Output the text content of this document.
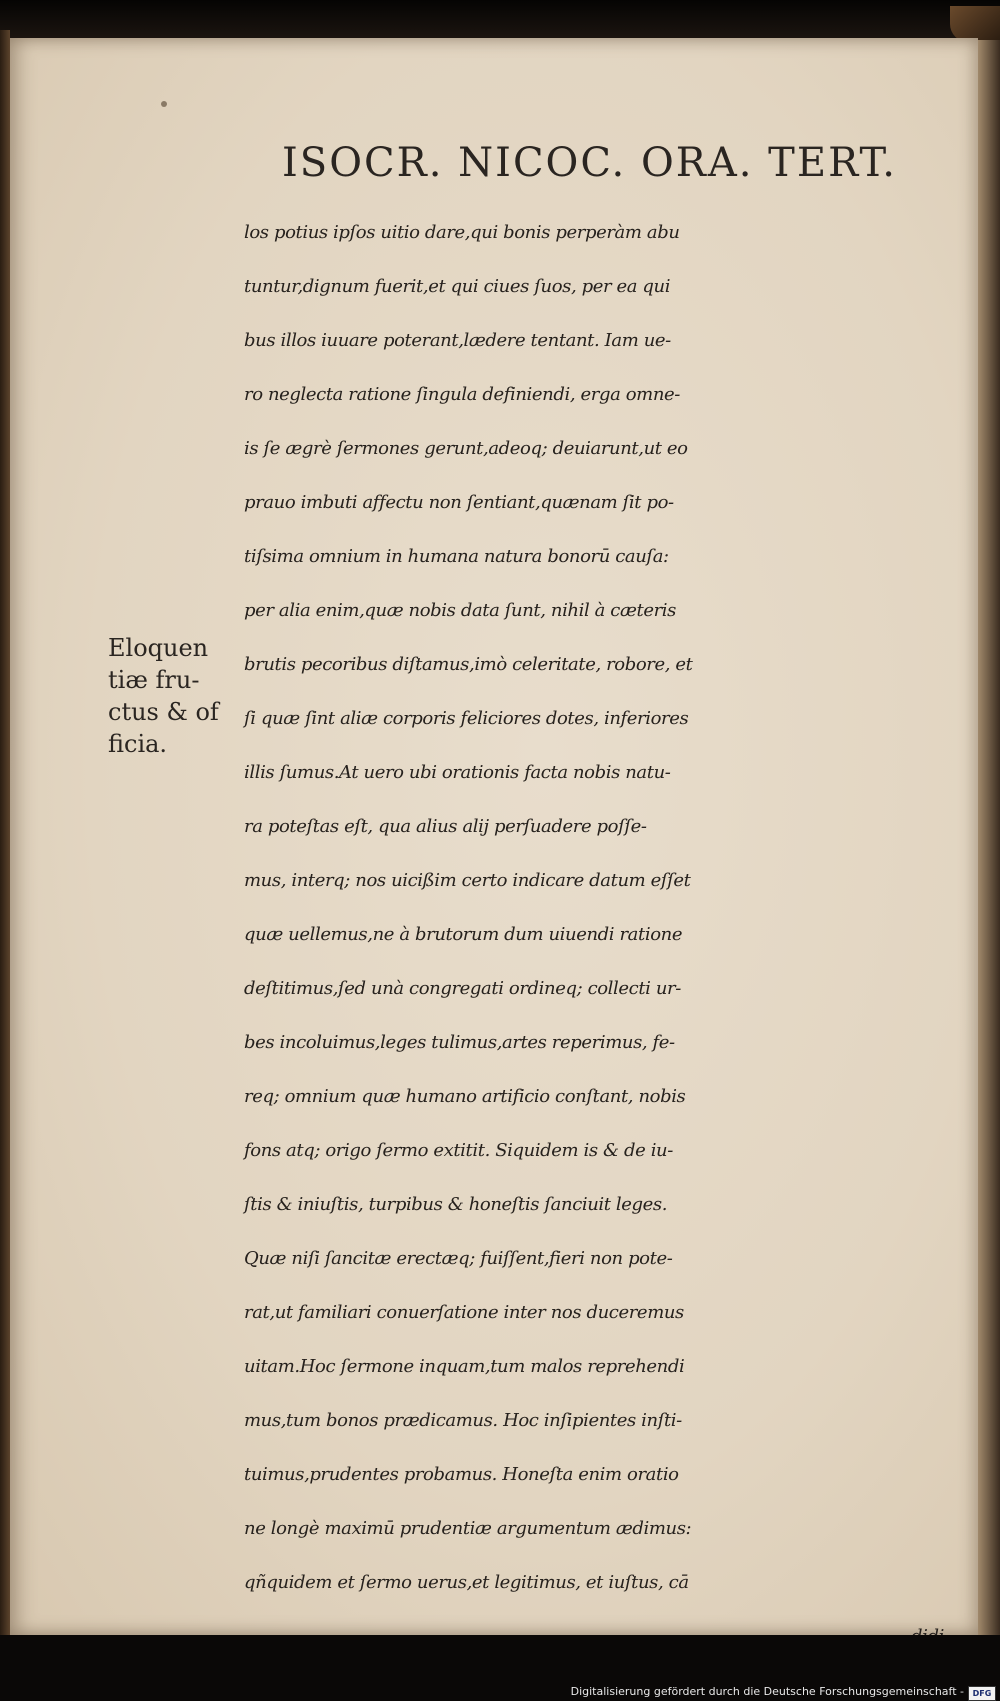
ISOCR. NICOC. ORA. TERT.
Eloquen
tiæ fru-
ctus & of
ficia.
los potius ipſos uitio dare,qui bonis perperàm abu
tuntur,dignum fuerit,et qui ciues ſuos, per ea qui
bus illos iuuare poterant,lædere tentant. Iam ue-
ro neglecta ratione ſingula definiendi, erga omne-
is ſe ægrè ſermones gerunt,adeoq; deuiarunt,ut eo
prauo imbuti affectu non ſentiant,quænam ſit po-
tiſsima omnium in humana natura bonorū cauſa:
per alia enim,quæ nobis data ſunt, nihil à cæteris
brutis pecoribus diſtamus,imò celeritate, robore, et
ſi quæ ſint aliæ corporis feliciores dotes, inferiores
illis ſumus.At uero ubi orationis facta nobis natu-
ra poteſtas eſt, qua alius alij perſuadere poſſe-
mus, interq; nos uicißim certo indicare datum eſſet
quæ uellemus,ne à brutorum dum uiuendi ratione
deſtitimus,ſed unà congregati ordineq; collecti ur-
bes incoluimus,leges tulimus,artes reperimus, fe-
req; omnium quæ humano artificio conſtant, nobis
fons atq; origo ſermo extitit. Siquidem is & de iu-
ſtis & iniuſtis, turpibus & honeſtis ſanciuit leges.
Quæ niſi ſancitæ erectæq; fuiſſent,fieri non pote-
rat,ut familiari conuerſatione inter nos duceremus
uitam.Hoc ſermone inquam,tum malos reprehendi
mus,tum bonos prædicamus. Hoc inſipientes inſti-
tuimus,prudentes probamus. Honeſta enim oratio
ne longè maximū prudentiæ argumentum ædimus:
qñquidem et ſermo uerus,et legitimus, et iuſtus, cā
Digitalisierung gefördert durch die Deutsche Forschungsgemeinschaft -	DFG
